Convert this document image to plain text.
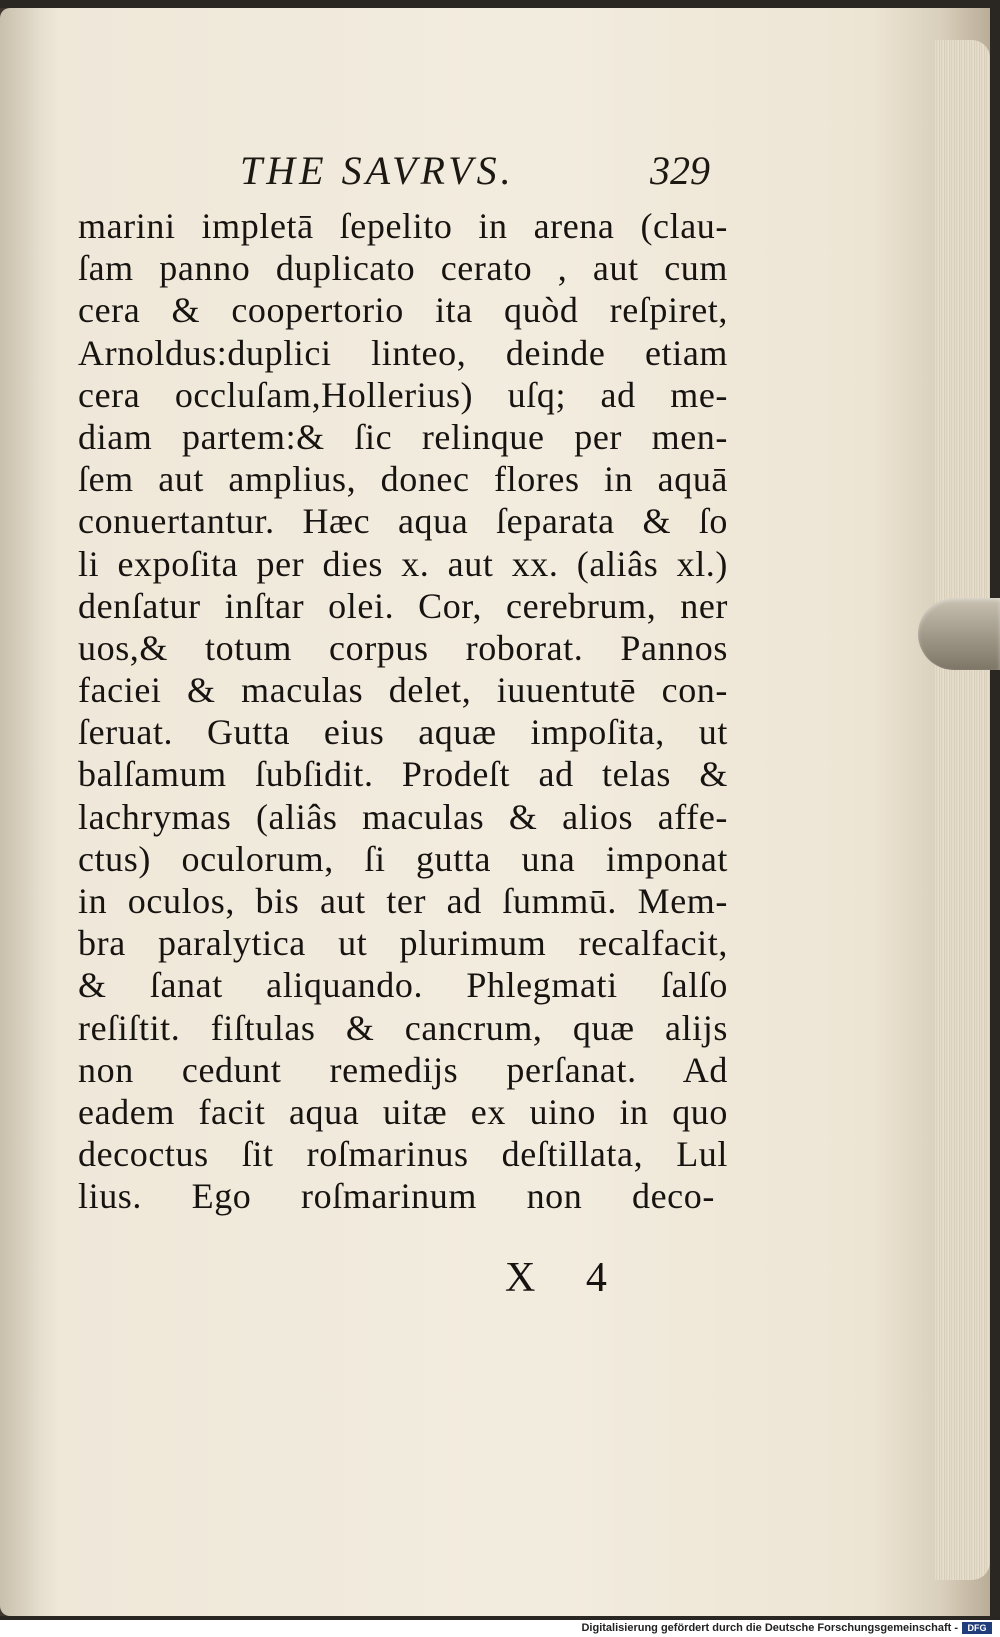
THE SAVRVS.	329
marini impletā ſepelito in arena (clau-
ſam panno duplicato cerato , aut cum
cera & coopertorio ita quòd reſpiret,
Arnoldus:duplici linteo, deinde etiam
cera occluſam,Hollerius) uſq; ad me-
diam partem:& ſic relinque per men-
ſem aut amplius, donec flores in aquā
conuertantur. Hæc aqua ſeparata & ſo
li expoſita per dies x. aut xx. (aliâs xl.)
denſatur inſtar olei. Cor, cerebrum, ner
uos,& totum corpus roborat. Pannos
faciei & maculas delet, iuuentutē con-
ſeruat. Gutta eius aquæ impoſita, ut
balſamum ſubſidit. Prodeſt ad telas &
lachrymas (aliâs maculas & alios affe-
ctus) oculorum, ſi gutta una imponat
in oculos, bis aut ter ad ſummū. Mem-
bra paralytica ut plurimum recalfacit,
& ſanat aliquando. Phlegmati ſalſo
reſiſtit. fiſtulas & cancrum, quæ alijs
non cedunt remedijs perſanat. Ad
eadem facit aqua uitæ ex uino in quo
decoctus ſit roſmarinus deſtillata, Lul
lius. Ego roſmarinum non deco-
X 4
Digitalisierung gefördert durch die Deutsche Forschungsgemeinschaft -	DFG
